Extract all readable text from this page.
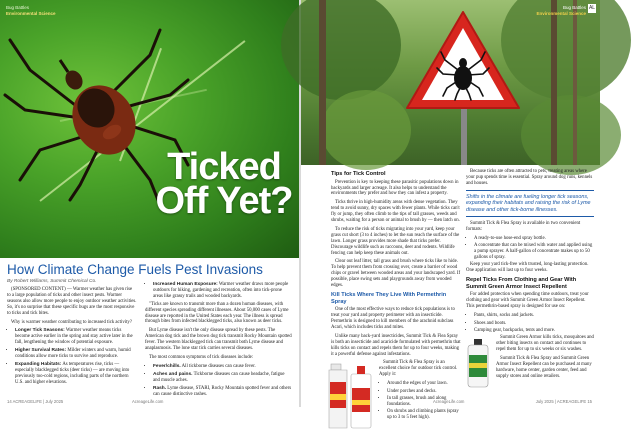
Bug Battles
Environmental Science
Ticked
Off Yet?
How Climate Change Fuels Pest Invasions
By Robert Williams, Summit Chemical Co.

(SPONSORED CONTENT) — Warmer weather has given rise to a large population of ticks and other insect pests. Warmer seasons also allow more people to enjoy outdoor weather activities. So, it's no surprise that these specific bugs are the most responsive to ticks and tick bites.

Why is warmer weather contributing to increased tick activity?

• Longer Tick Seasons: Warmer weather means ticks become active earlier in the spring and stay active later in the fall, lengthening the window of potential exposure.
• Higher Survival Rates: Milder winters and warm, humid conditions allow more ticks to survive and reproduce.
• Expanding Habitats: As temperatures rise, ticks — especially blacklegged ticks (deer ticks) — are moving into previously too-cold regions, including parts of the northern U.S. and higher elevations.
• Increased Human Exposure: Warmer weather draws more people outdoors for hiking, gardening and recreation, often into tick-prone areas like grassy trails and wooded backyards.

"Ticks are known to transmit more than a dozen human diseases, with different species spreading different illnesses. About 50,000 cases of Lyme disease are reported in the United States each year. The illness is spread through bites from infected blacklegged ticks, also known as deer ticks.

But Lyme disease isn't the only disease spread by these pests. The American dog tick and the brown dog tick transmit Rocky Mountain spotted fever. The western blacklegged tick can transmit both Lyme disease and anaplasmosis. The lone star tick carries several diseases.

The most common symptoms of tick diseases include:

• Fever/chills. All tickborne diseases can cause fever.
• Aches and pains. Tickborne diseases can cause headache, fatigue and muscle aches.
• Rash. Lyme disease, STARI, Rocky Mountain spotted fever and others can cause distinctive rashes.
14 ACREAGELIFE | July 2025	AcreageLife.com
Bug Battles
Environmental Science
AL
Tips for Tick Control

Prevention is key to keeping these parasitic populations down in backyards and larger acreage. It also helps to understand the environments they prefer and how they can infest a property.

Ticks thrive in high-humidity areas with dense vegetation. They tend to avoid sunny, dry spaces with fewer plants. While ticks can't fly or jump, they often climb to the tips of tall grasses, weeds and shrubs, waiting for a person or animal to brush by — then latch on.

To reduce the risk of ticks migrating into your yard, keep your grass cut short (3 to 4 inches) to let the sun reach the surface of the lawn. Longer grass provides more shade that ticks prefer. Discourage wildlife such as raccoons, deer and rodents. Wildlife fencing can help keep these animals out.

Clear out leaf litter, tall grass and brush where ticks like to hide. To help prevent them from crossing over, create a barrier of wood chips or gravel between wooded areas and your landscaped yard. If possible, place swing sets and playgrounds away from wooded edges.

Kill Ticks Where They Live With Permethrin Spray

One of the most effective ways to reduce tick populations is to treat your yard and property perimeter with an insecticide. Permethrin is designed to kill members of the arachnid subclass Acari, which includes ticks and mites.

Unlike many back-yard insecticides, Summit Tick & Flea Spray is both an insecticide and acaricide formulated with permethrin that kills ticks on contact and repels them for up to four weeks, making it a powerful defense against infestations.

Summit Tick & Flea Spray is an excellent choice for outdoor tick control. Apply it:

• Around the edges of your lawn.
• Under porches and decks.
• In tall grasses, brush and along foundations.
• On shrubs and climbing plants (spray up to 3 to 5 feet high).

Because ticks are often attracted to pets, treating areas where your pup spends time is essential. Spray around dog runs, kennels and houses.

Shifts in the climate are fueling longer tick seasons, expanding their habitats and raising the risk of Lyme disease and other tick-borne illnesses.

Summit Tick & Flea Spray is available in two convenient formats:

• A ready-to-use hose-end spray bottle.
• A concentrate that can be mixed with water and applied using a pump sprayer. A half-gallon of concentrate makes up to 50 gallons of spray.

Keep your yard tick-free with trusted, long-lasting protection. One application will last up to four weeks.

Repel Ticks From Clothing and Gear With Summit Green Armor Insect Repellent

For added protection when spending time outdoors, treat your clothing and gear with Summit Green Armor Insect Repellent. This permethrin-based spray is designed for use on:

• Pants, shirts, socks and jackets.
• Shoes and boots.
• Camping gear, backpacks, tents and more.

Summit Green Armor kills ticks, mosquitoes and other biting insects on contact and continues to repel them for up to six weeks or six washes.

Summit Tick & Flea Spray and Summit Green Armor Insect Repellent can be purchased at many hardware, home center, garden center, feed and supply stores and online retailers.

AcreageLife.com	July 2025 | ACREAGELIFE 15
